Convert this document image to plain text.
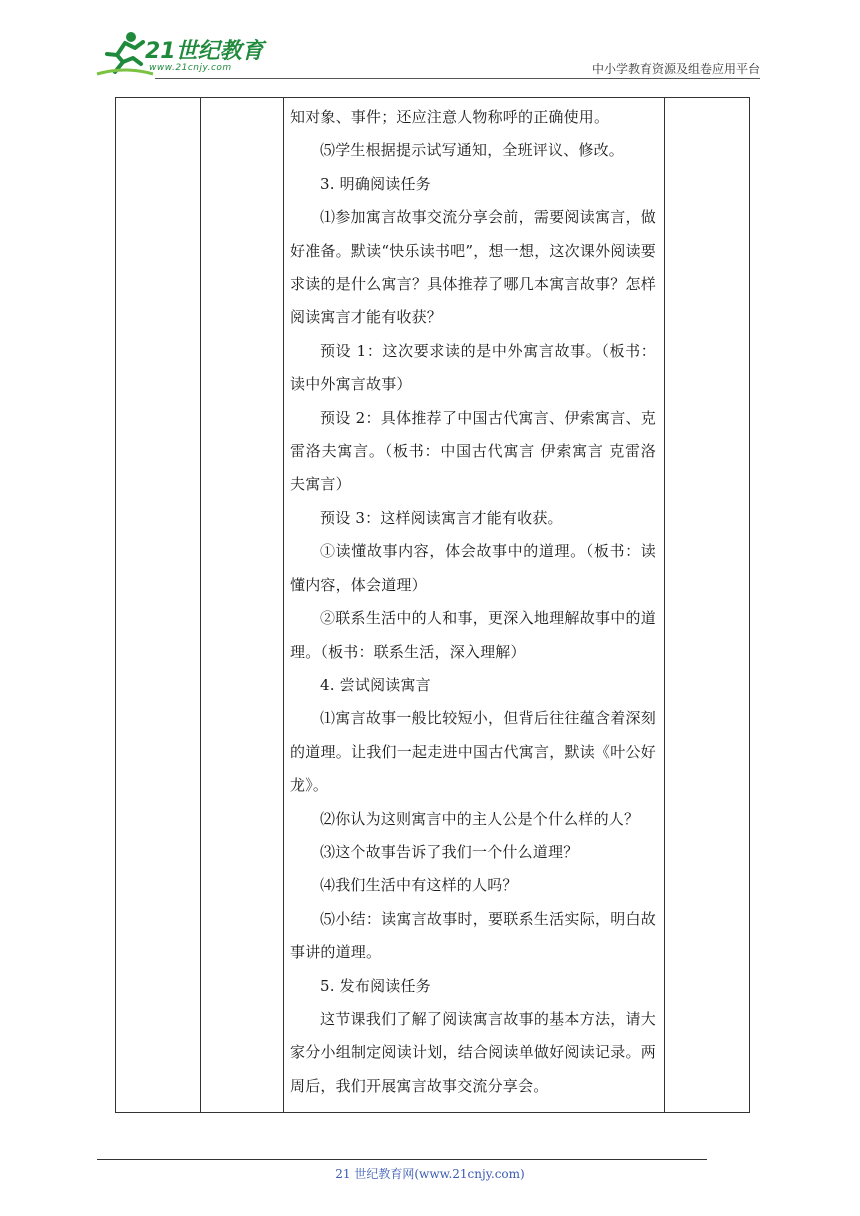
21世纪教育
www.21cnjy.com	中小学教育资源及组卷应用平台

知对象、事件；还应注意人物称呼的正确使用。

⑸学生根据提示试写通知，全班评议、修改。

3. 明确阅读任务

⑴参加寓言故事交流分享会前，需要阅读寓言，做好准备。默读“快乐读书吧”，想一想，这次课外阅读要求读的是什么寓言？具体推荐了哪几本寓言故事？怎样阅读寓言才能有收获？

预设 1：这次要求读的是中外寓言故事。（板书：读中外寓言故事）

预设 2：具体推荐了中国古代寓言、伊索寓言、克雷洛夫寓言。（板书：中国古代寓言 伊索寓言 克雷洛夫寓言）

预设 3：这样阅读寓言才能有收获。

①读懂故事内容，体会故事中的道理。（板书：读懂内容，体会道理）

②联系生活中的人和事，更深入地理解故事中的道理。（板书：联系生活，深入理解）

4. 尝试阅读寓言

⑴寓言故事一般比较短小，但背后往往蕴含着深刻的道理。让我们一起走进中国古代寓言，默读《叶公好龙》。

⑵你认为这则寓言中的主人公是个什么样的人？

⑶这个故事告诉了我们一个什么道理？

⑷我们生活中有这样的人吗？

⑸小结：读寓言故事时，要联系生活实际，明白故事讲的道理。

5. 发布阅读任务

这节课我们了解了阅读寓言故事的基本方法，请大家分小组制定阅读计划，结合阅读单做好阅读记录。两周后，我们开展寓言故事交流分享会。

21 世纪教育网(www.21cnjy.com)
